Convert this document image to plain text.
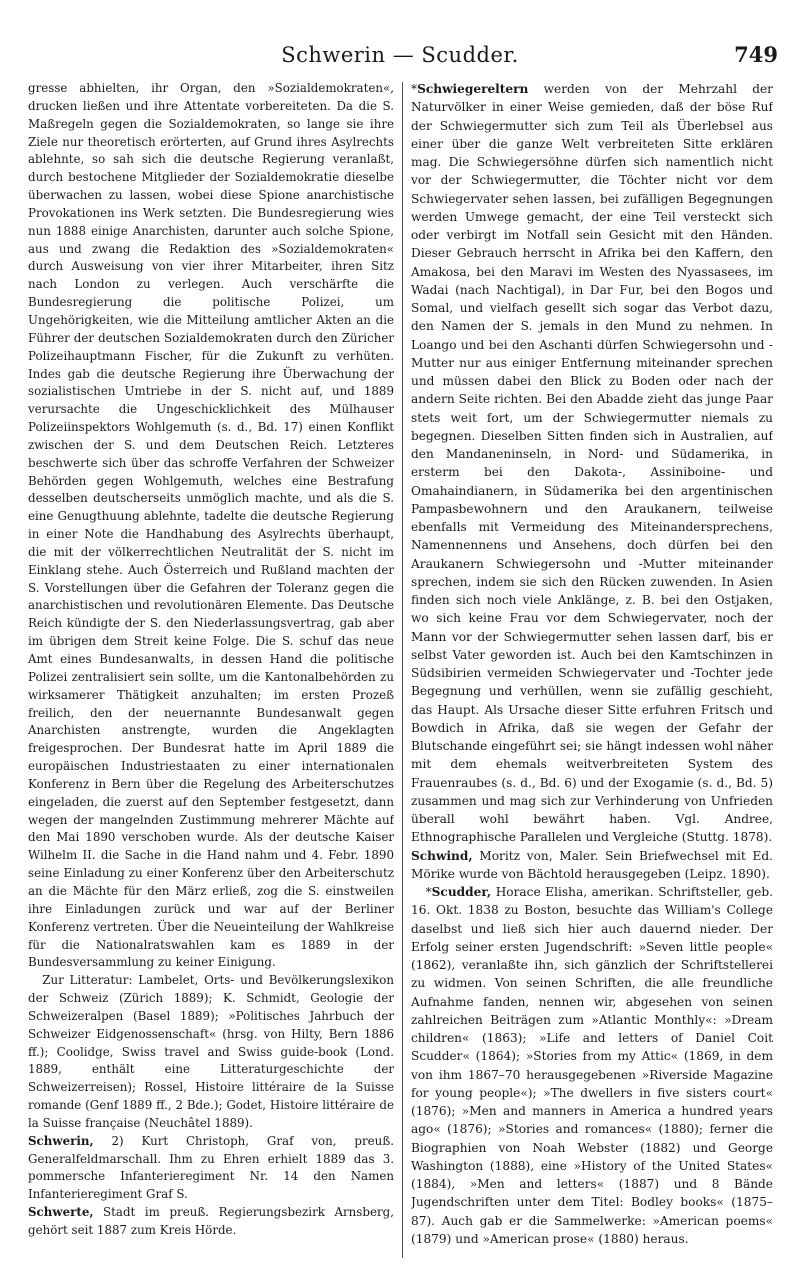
Schwerin — Scudder.	749

gresse abhielten, ihr Organ, den »Sozialdemokraten«, drucken ließen und ihre Attentate vorbereiteten. Da die S. Maßregeln gegen die Sozialdemokraten, so lange sie ihre Ziele nur theoretisch erörterten, auf Grund ihres Asylrechts ablehnte, so sah sich die deutsche Regierung veranlaßt, durch bestochene Mitglieder der Sozialdemokratie dieselbe überwachen zu lassen, wobei diese Spione anarchistische Provokationen ins Werk setzten. Die Bundesregierung wies nun 1888 einige Anarchisten, darunter auch solche Spione, aus und zwang die Redaktion des »Sozialdemokraten« durch Ausweisung von vier ihrer Mitarbeiter, ihren Sitz nach London zu verlegen. Auch verschärfte die Bundesregierung die politische Polizei, um Ungehörigkeiten, wie die Mitteilung amtlicher Akten an die Führer der deutschen Sozialdemokraten durch den Züricher Polizeihauptmann Fischer, für die Zukunft zu verhüten. Indes gab die deutsche Regierung ihre Überwachung der sozialistischen Umtriebe in der S. nicht auf, und 1889 verursachte die Ungeschicklichkeit des Mülhauser Polizeiinspektors Wohlgemuth (s. d., Bd. 17) einen Konflikt zwischen der S. und dem Deutschen Reich. Letzteres beschwerte sich über das schroffe Verfahren der Schweizer Behörden gegen Wohlgemuth, welches eine Bestrafung desselben deutscherseits unmöglich machte, und als die S. eine Genugthuung ablehnte, tadelte die deutsche Regierung in einer Note die Handhabung des Asylrechts überhaupt, die mit der völkerrechtlichen Neutralität der S. nicht im Einklang stehe. Auch Österreich und Rußland machten der S. Vorstellungen über die Gefahren der Toleranz gegen die anarchistischen und revolutionären Elemente. Das Deutsche Reich kündigte der S. den Niederlassungsvertrag, gab aber im übrigen dem Streit keine Folge. Die S. schuf das neue Amt eines Bundesanwalts, in dessen Hand die politische Polizei zentralisiert sein sollte, um die Kantonalbehörden zu wirksamerer Thätigkeit anzuhalten; im ersten Prozeß freilich, den der neuernannte Bundesanwalt gegen Anarchisten anstrengte, wurden die Angeklagten freigesprochen. Der Bundesrat hatte im April 1889 die europäischen Industriestaaten zu einer internationalen Konferenz in Bern über die Regelung des Arbeiterschutzes eingeladen, die zuerst auf den September festgesetzt, dann wegen der mangelnden Zustimmung mehrerer Mächte auf den Mai 1890 verschoben wurde. Als der deutsche Kaiser Wilhelm II. die Sache in die Hand nahm und 4. Febr. 1890 seine Einladung zu einer Konferenz über den Arbeiterschutz an die Mächte für den März erließ, zog die S. einstweilen ihre Einladungen zurück und war auf der Berliner Konferenz vertreten. Über die Neueinteilung der Wahlkreise für die Nationalratswahlen kam es 1889 in der Bundesversammlung zu keiner Einigung.

Zur Litteratur: Lambelet, Orts- und Bevölkerungslexikon der Schweiz (Zürich 1889); K. Schmidt, Geologie der Schweizeralpen (Basel 1889); »Politisches Jahrbuch der Schweizer Eidgenossenschaft« (hrsg. von Hilty, Bern 1886 ff.); Coolidge, Swiss travel and Swiss guide-book (Lond. 1889, enthält eine Litteraturgeschichte der Schweizerreisen); Rossel, Histoire littéraire de la Suisse romande (Genf 1889 ff., 2 Bde.); Godet, Histoire littéraire de la Suisse française (Neuchâtel 1889).

Schwerin, 2) Kurt Christoph, Graf von, preuß. Generalfeldmarschall. Ihm zu Ehren erhielt 1889 das 3. pommersche Infanterieregiment Nr. 14 den Namen Infanterieregiment Graf S.

Schwerte, Stadt im preuß. Regierungsbezirk Arnsberg, gehört seit 1887 zum Kreis Hörde.

*Schwiegereltern werden von der Mehrzahl der Naturvölker in einer Weise gemieden, daß der böse Ruf der Schwiegermutter sich zum Teil als Überlebsel aus einer über die ganze Welt verbreiteten Sitte erklären mag. Die Schwiegersöhne dürfen sich namentlich nicht vor der Schwiegermutter, die Töchter nicht vor dem Schwiegervater sehen lassen, bei zufälligen Begegnungen werden Umwege gemacht, der eine Teil versteckt sich oder verbirgt im Notfall sein Gesicht mit den Händen. Dieser Gebrauch herrscht in Afrika bei den Kaffern, den Amakosa, bei den Maravi im Westen des Nyassasees, im Wadai (nach Nachtigal), in Dar Fur, bei den Bogos und Somal, und vielfach gesellt sich sogar das Verbot dazu, den Namen der S. jemals in den Mund zu nehmen. In Loango und bei den Aschanti dürfen Schwiegersohn und -Mutter nur aus einiger Entfernung miteinander sprechen und müssen dabei den Blick zu Boden oder nach der andern Seite richten. Bei den Abadde zieht das junge Paar stets weit fort, um der Schwiegermutter niemals zu begegnen. Dieselben Sitten finden sich in Australien, auf den Mandaneninseln, in Nord- und Südamerika, in ersterm bei den Dakota-, Assiniboine- und Omahaindianern, in Südamerika bei den argentinischen Pampasbewohnern und den Araukanern, teilweise ebenfalls mit Vermeidung des Miteinandersprechens, Namennennens und Ansehens, doch dürfen bei den Araukanern Schwiegersohn und -Mutter miteinander sprechen, indem sie sich den Rücken zuwenden. In Asien finden sich noch viele Anklänge, z. B. bei den Ostjaken, wo sich keine Frau vor dem Schwiegervater, noch der Mann vor der Schwiegermutter sehen lassen darf, bis er selbst Vater geworden ist. Auch bei den Kamtschinzen in Südsibirien vermeiden Schwiegervater und -Tochter jede Begegnung und verhüllen, wenn sie zufällig geschieht, das Haupt. Als Ursache dieser Sitte erfuhren Fritsch und Bowdich in Afrika, daß sie wegen der Gefahr der Blutschande eingeführt sei; sie hängt indessen wohl näher mit dem ehemals weitverbreiteten System des Frauenraubes (s. d., Bd. 6) und der Exogamie (s. d., Bd. 5) zusammen und mag sich zur Verhinderung von Unfrieden überall wohl bewährt haben. Vgl. Andree, Ethnographische Parallelen und Vergleiche (Stuttg. 1878).

Schwind, Moritz von, Maler. Sein Briefwechsel mit Ed. Mörike wurde von Bächtold herausgegeben (Leipz. 1890).

*Scudder, Horace Elisha, amerikan. Schriftsteller, geb. 16. Okt. 1838 zu Boston, besuchte das William's College daselbst und ließ sich hier auch dauernd nieder. Der Erfolg seiner ersten Jugendschrift: »Seven little people« (1862), veranlaßte ihn, sich gänzlich der Schriftstellerei zu widmen. Von seinen Schriften, die alle freundliche Aufnahme fanden, nennen wir, abgesehen von seinen zahlreichen Beiträgen zum »Atlantic Monthly«: »Dream children« (1863); »Life and letters of Daniel Coit Scudder« (1864); »Stories from my Attic« (1869, in dem von ihm 1867–70 herausgegebenen »Riverside Magazine for young people«); »The dwellers in five sisters court« (1876); »Men and manners in America a hundred years ago« (1876); »Stories and romances« (1880); ferner die Biographien von Noah Webster (1882) und George Washington (1888), eine »History of the United States« (1884), »Men and letters« (1887) und 8 Bände Jugendschriften unter dem Titel: Bodley books« (1875–87). Auch gab er die Sammelwerke: »American poems« (1879) und »American prose« (1880) heraus.
